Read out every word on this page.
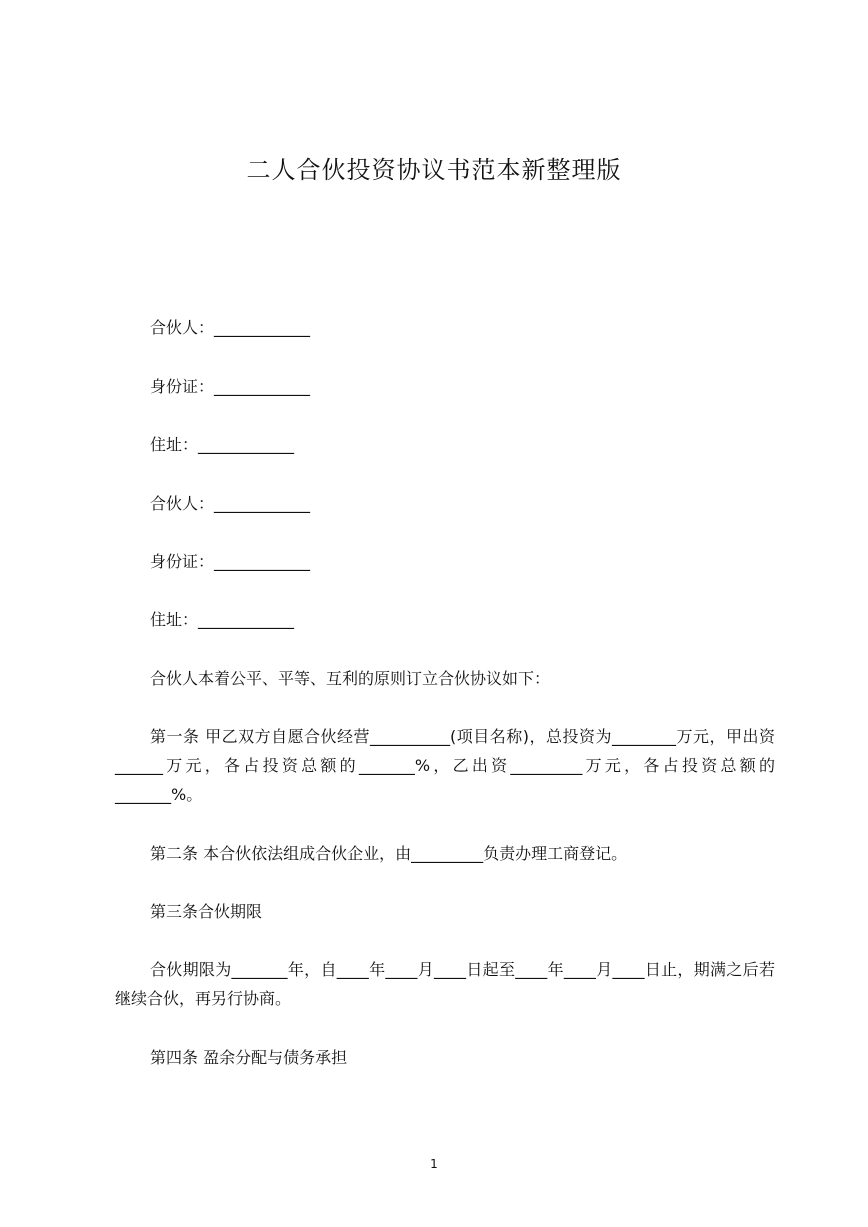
二人合伙投资协议书范本新整理版
合伙人：____________
身份证：____________
住址：____________
合伙人：____________
身份证：____________
住址：____________
合伙人本着公平、平等、互利的原则订立合伙协议如下：

第一条 甲乙双方自愿合伙经营__________(项目名称)，总投资为________万元，甲出资______万元，各占投资总额的_______%，乙出资_________万元，各占投资总额的_______%。

第二条 本合伙依法组成合伙企业，由_________负责办理工商登记。
第三条合伙期限

合伙期限为_______年，自____年____月____日起至____年____月____日止，期满之后若继续合伙，再另行协商。

第四条 盈余分配与债务承担
1
